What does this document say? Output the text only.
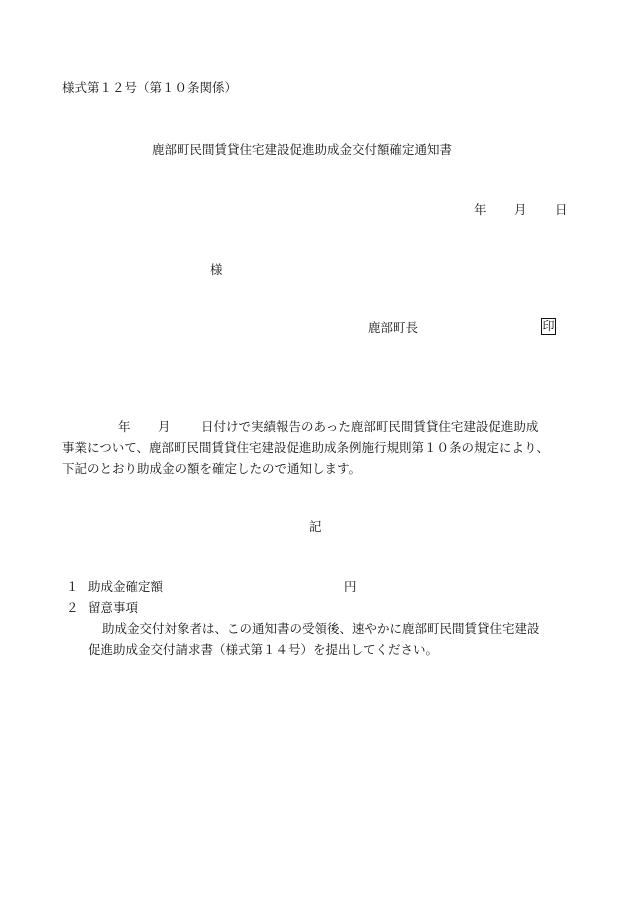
様式第１２号（第１０条関係）
鹿部町民間賃貸住宅建設促進助成金交付額確定通知書
年 月 日
様
鹿部町長	印
年 月 日付けで実績報告のあった鹿部町民間賃貸住宅建設促進助成
事業について、鹿部町民間賃貸住宅建設促進助成条例施行規則第１０条の規定により、
下記のとおり助成金の額を確定したので通知します。
記
１ 助成金確定額	円
２ 留意事項
助成金交付対象者は、この通知書の受領後、速やかに鹿部町民間賃貸住宅建設
促進助成金交付請求書（様式第１４号）を提出してください。
